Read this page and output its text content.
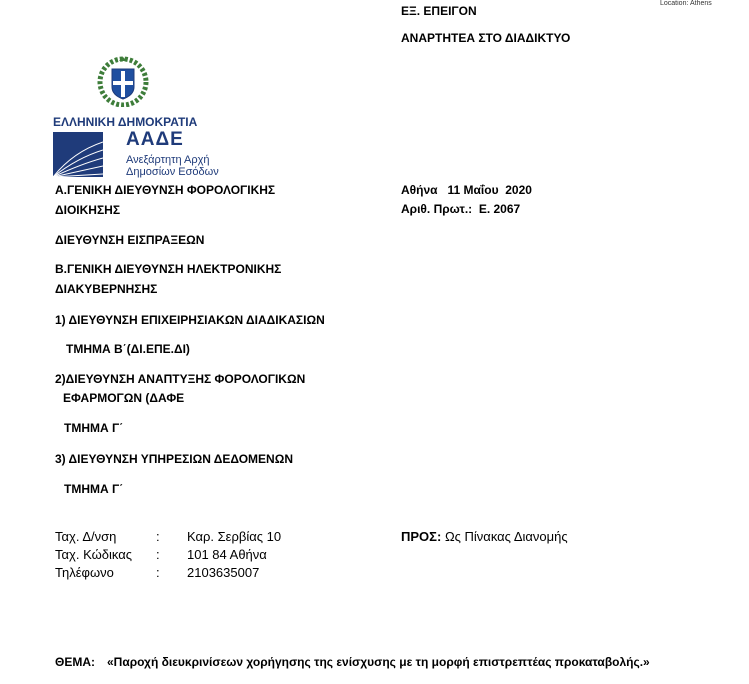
Location: Athens
ΕΞ. ΕΠΕΙΓΟΝ
ΑΝΑΡΤΗΤΕΑ ΣΤΟ ΔΙΑΔΙΚΤΥΟ
ΕΛΛΗΝΙΚΗ ΔΗΜΟΚΡΑΤΙΑ
ΑΑΔΕ
Ανεξάρτητη Αρχή
Δημοσίων Εσόδων
Α.ΓΕΝΙΚΗ ΔΙΕΥΘΥΝΣΗ ΦΟΡΟΛΟΓΙΚΗΣ
ΔΙΟΙΚΗΣΗΣ
ΔΙΕΥΘΥΝΣΗ ΕΙΣΠΡΑΞΕΩΝ
Β.ΓΕΝΙΚΗ ΔΙΕΥΘΥΝΣΗ ΗΛΕΚΤΡΟΝΙΚΗΣ
ΔΙΑΚΥΒΕΡΝΗΣΗΣ
1) ΔΙΕΥΘΥΝΣΗ ΕΠΙΧΕΙΡΗΣΙΑΚΩΝ ΔΙΑΔΙΚΑΣΙΩΝ
ΤΜΗΜΑ Β΄(ΔΙ.ΕΠΕ.ΔΙ)
2)ΔΙΕΥΘΥΝΣΗ ΑΝΑΠΤΥΞΗΣ ΦΟΡΟΛΟΓΙΚΩΝ
ΕΦΑΡΜΟΓΩΝ (ΔΑΦΕ
ΤΜΗΜΑ Γ΄
3) ΔΙΕΥΘΥΝΣΗ ΥΠΗΡΕΣΙΩΝ ΔΕΔΟΜΕΝΩΝ
ΤΜΗΜΑ Γ΄
Αθήνα   11 Μαΐου  2020
Αριθ. Πρωτ.:  Ε. 2067
Ταχ. Δ/νση	: Καρ. Σερβίας 10
Ταχ. Κώδικας : 101 84 Αθήνα
Τηλέφωνο	: 2103635007
ΠΡΟΣ: Ως Πίνακας Διανομής
ΘΕΜΑ: «Παροχή διευκρινίσεων χορήγησης της ενίσχυσης με τη μορφή επιστρεπτέας προκαταβολής.»
